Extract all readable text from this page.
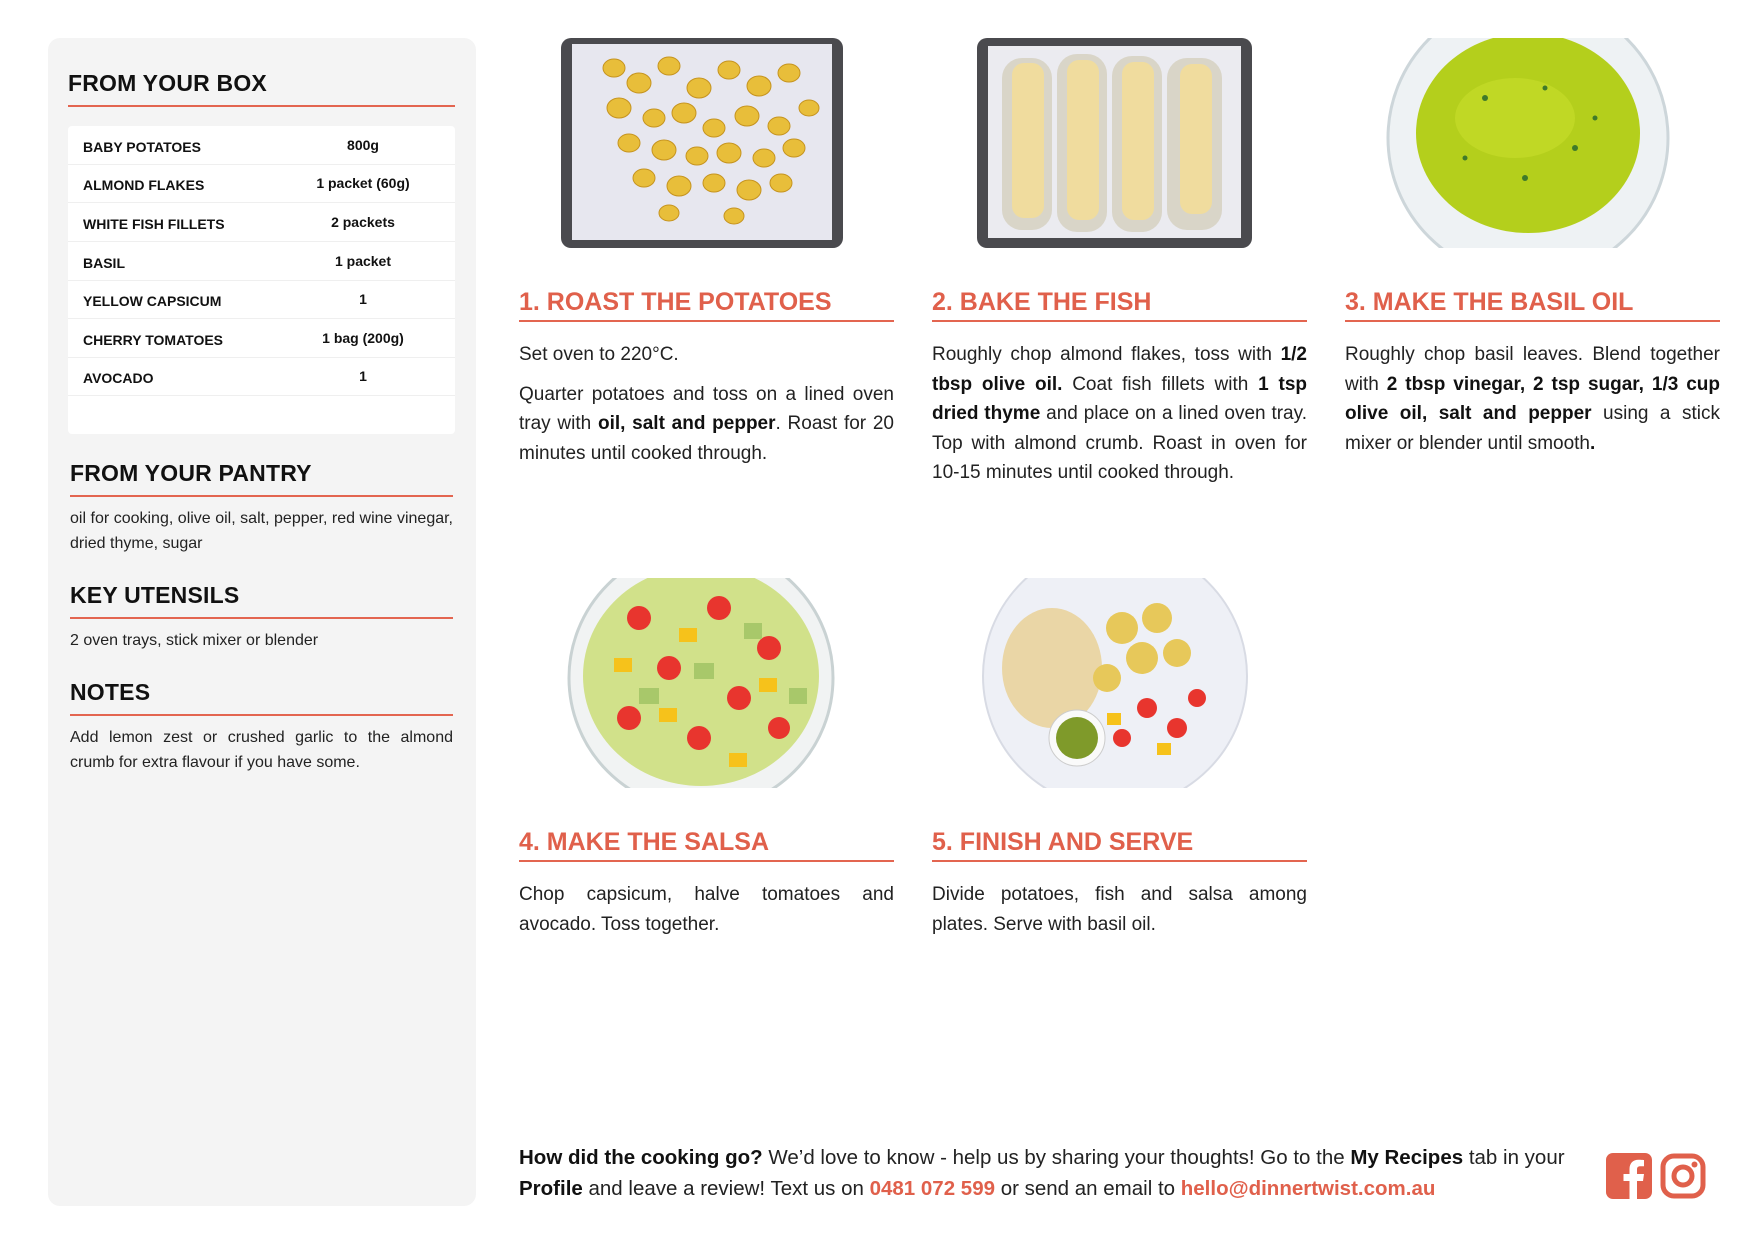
FROM YOUR BOX
BABY POTATOES	800g
ALMOND FLAKES	1 packet (60g)
WHITE FISH FILLETS	2 packets
BASIL	1 packet
YELLOW CAPSICUM	1
CHERRY TOMATOES	1 bag (200g)
AVOCADO	1
FROM YOUR PANTRY
oil for cooking, olive oil, salt, pepper, red wine vinegar, dried thyme, sugar
KEY UTENSILS
2 oven trays, stick mixer or blender
NOTES
Add lemon zest or crushed garlic to the almond crumb for extra flavour if you have some.
1. ROAST THE POTATOES

Set oven to 220°C.

Quarter potatoes and toss on a lined oven tray with oil, salt and pepper. Roast for 20 minutes until cooked through.

2. BAKE THE FISH

Roughly chop almond flakes, toss with 1/2 tbsp olive oil. Coat fish fillets with 1 tsp dried thyme and place on a lined oven tray. Top with almond crumb. Roast in oven for 10-15 minutes until cooked through.

3. MAKE THE BASIL OIL

Roughly chop basil leaves. Blend together with 2 tbsp vinegar, 2 tsp sugar, 1/3 cup olive oil, salt and pepper using a stick mixer or blender until smooth.

4. MAKE THE SALSA

Chop capsicum, halve tomatoes and avocado. Toss together.

5. FINISH AND SERVE

Divide potatoes, fish and salsa among plates. Serve with basil oil.

How did the cooking go? We’d love to know - help us by sharing your thoughts! Go to the My Recipes tab in your Profile and leave a review! Text us on 0481 072 599 or send an email to hello@dinnertwist.com.au
